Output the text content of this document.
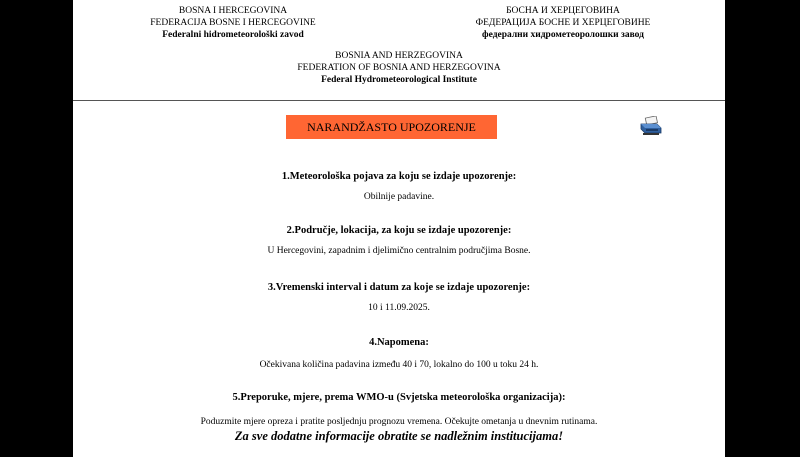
BOSNA I HERCEGOVINA
FEDERACIJA BOSNE I HERCEGOVINE
Federalni hidrometeorološki zavod
БОСНА И ХЕРЦЕГОВИНА
ФЕДЕРАЦИЈА БОСНЕ И ХЕРЦЕГОВИНЕ
федерални хидрометеоролошки завод
BOSNIA AND HERZEGOVINA
FEDERATION OF BOSNIA AND HERZEGOVINA
Federal Hydrometeorological Institute
NARANDŽASTO UPOZORENJE
1.Meteorološka pojava za koju se izdaje upozorenje:
Obilnije padavine.
2.Područje, lokacija, za koju se izdaje upozorenje:
U Hercegovini, zapadnim i djelimično centralnim područjima Bosne.
3.Vremenski interval i datum za koje se izdaje upozorenje:
10 i 11.09.2025.
4.Napomena:
Očekivana količina padavina između 40 i 70, lokalno do 100 u toku 24 h.
5.Preporuke, mjere, prema WMO-u (Svjetska meteorološka organizacija):
Poduzmite mjere opreza i pratite posljednju prognozu vremena. Očekujte ometanja u dnevnim rutinama.
Za sve dodatne informacije obratite se nadležnim institucijama!
